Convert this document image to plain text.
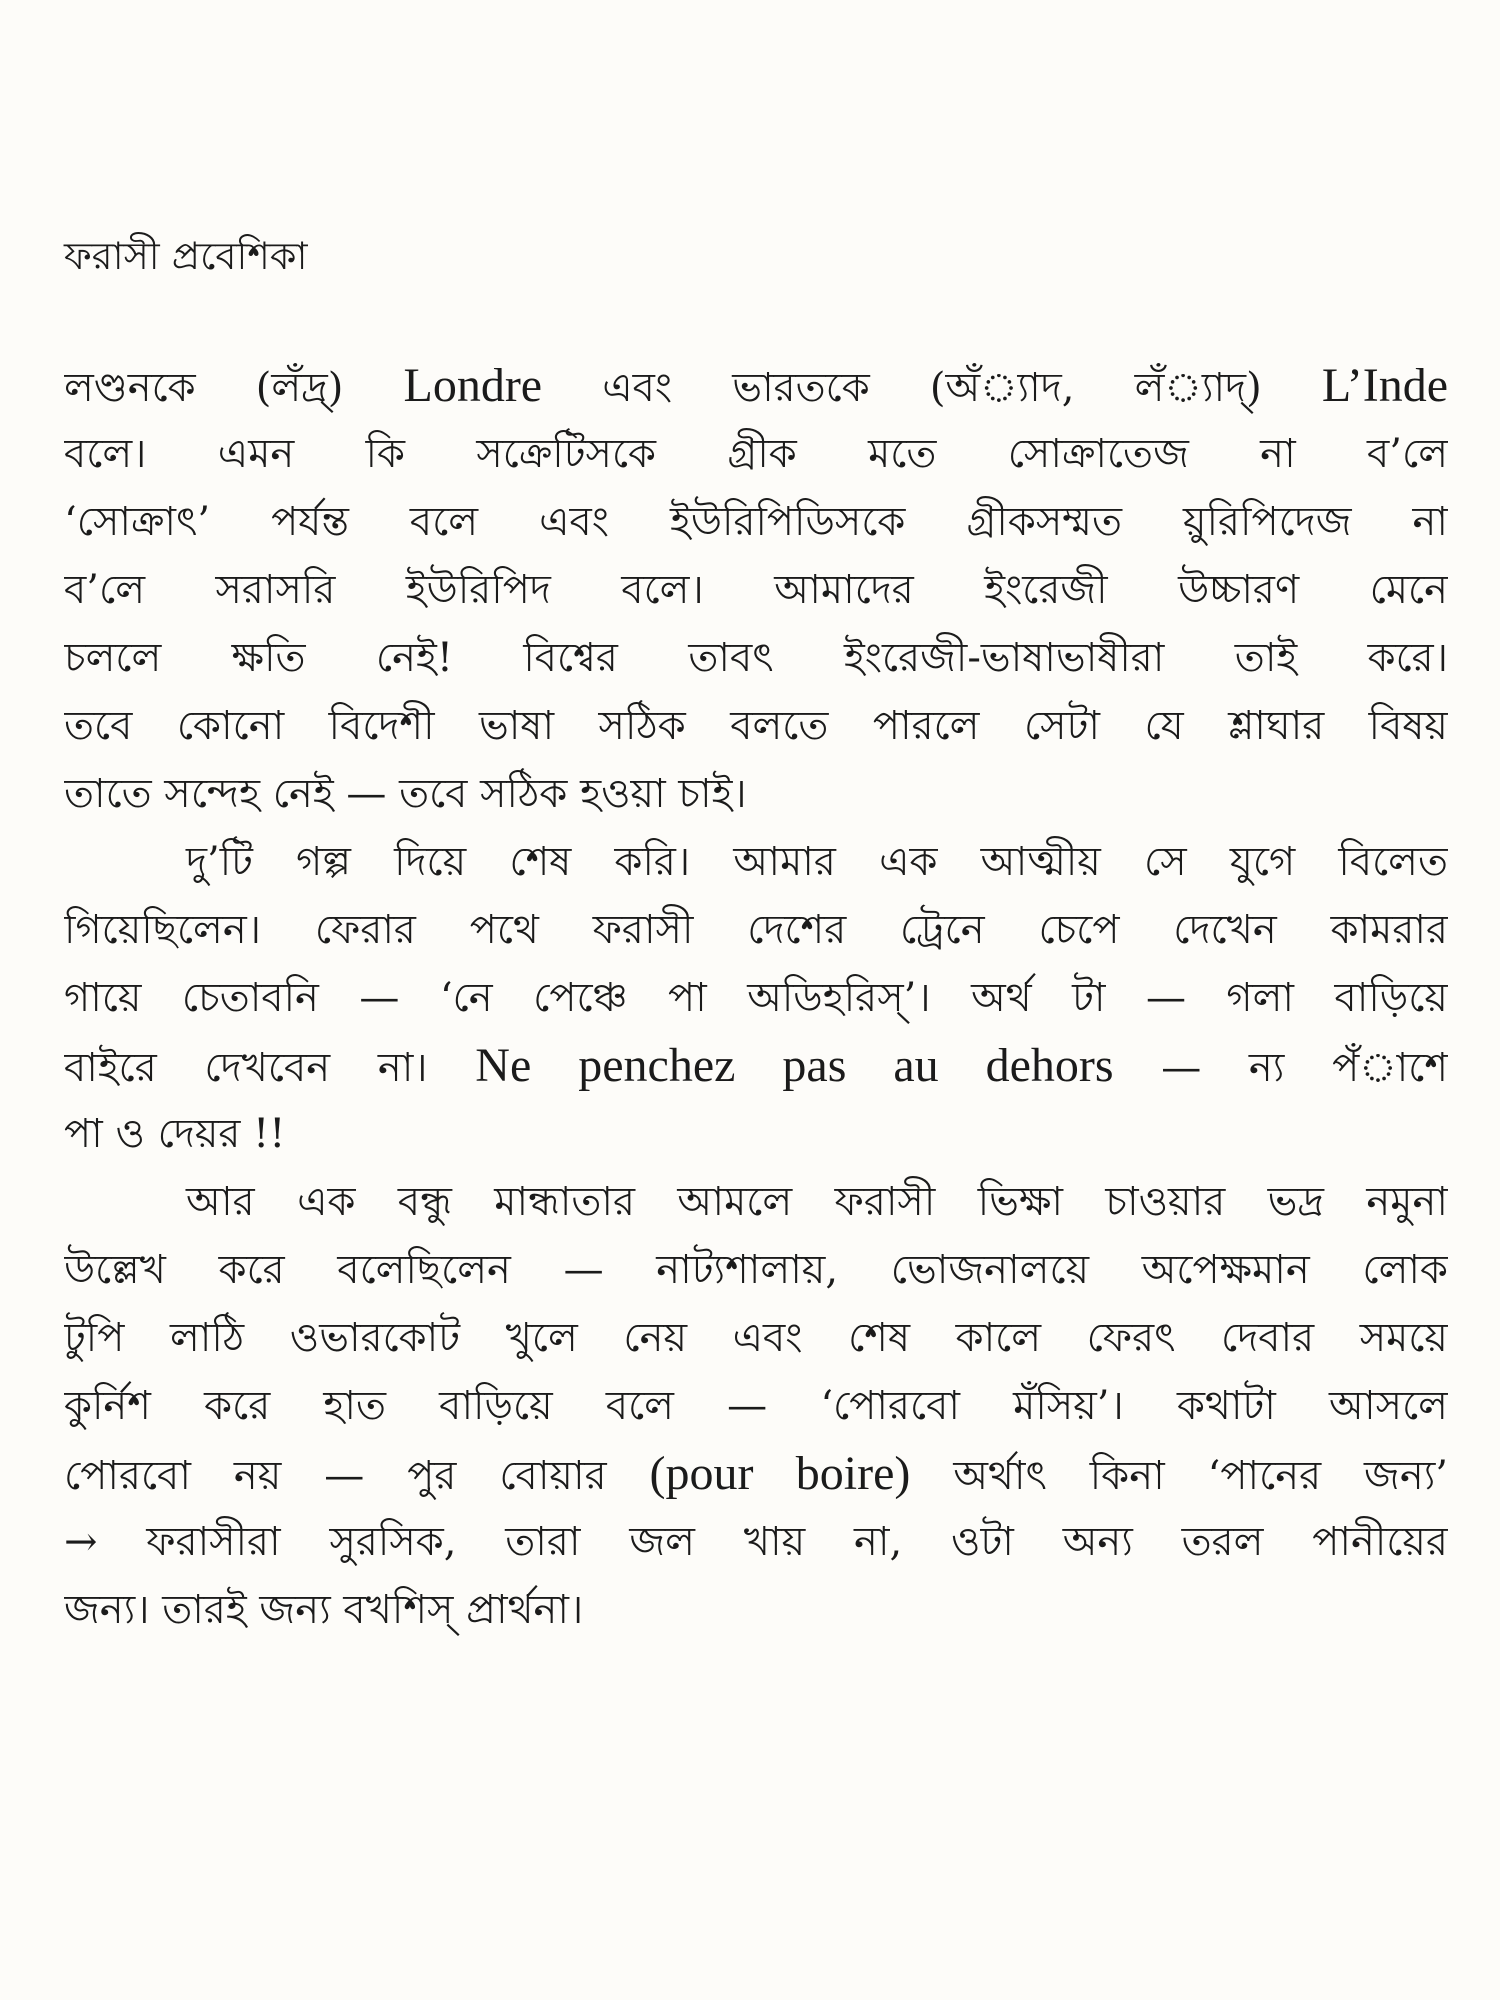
ফরাসী প্রবেশিকা
লণ্ডনকে (লঁদ্র্) Londre এবং ভারতকে (অঁ্যাদ, লঁ্যাদ্) L’Inde
বলে। এমন কি সক্রেটিসকে গ্রীক মতে সোক্রাতেজ না ব’লে
‘সোক্রাৎ’ পর্যন্ত বলে এবং ইউরিপিডিসকে গ্রীকসম্মত য়ুরিপিদেজ না
ব’লে সরাসরি ইউরিপিদ বলে। আমাদের ইংরেজী উচ্চারণ মেনে
চললে ক্ষতি নেই! বিশ্বের তাবৎ ইংরেজী-ভাষাভাষীরা তাই করে।
তবে কোনো বিদেশী ভাষা সঠিক বলতে পারলে সেটা যে শ্লাঘার বিষয়
তাতে সন্দেহ নেই — তবে সঠিক হওয়া চাই।
দু’টি গল্প দিয়ে শেষ করি। আমার এক আত্মীয় সে যুগে বিলেত
গিয়েছিলেন। ফেরার পথে ফরাসী দেশের ট্রেনে চেপে দেখেন কামরার
গায়ে চেতাবনি — ‘নে পেঞ্চে পা অডিহরিস্’। অর্থ টা — গলা বাড়িয়ে
বাইরে দেখবেন না। Ne penchez pas au dehors — ন্য পঁাশে
পা ও দেয়র !!
আর এক বন্ধু মান্ধাতার আমলে ফরাসী ভিক্ষা চাওয়ার ভদ্র নমুনা
উল্লেখ করে বলেছিলেন — নাট্যশালায়, ভোজনালয়ে অপেক্ষমান লোক
টুপি লাঠি ওভারকোট খুলে নেয় এবং শেষ কালে ফেরৎ দেবার সময়ে
কুর্নিশ করে হাত বাড়িয়ে বলে — ‘পোরবো মঁসিয়’। কথাটা আসলে
পোরবো নয় — পুর বোয়ার (pour boire) অর্থাৎ কিনা ‘পানের জন্য’
→ ফরাসীরা সুরসিক, তারা জল খায় না, ওটা অন্য তরল পানীয়ের
জন্য। তারই জন্য বখশিস্ প্রার্থনা।
